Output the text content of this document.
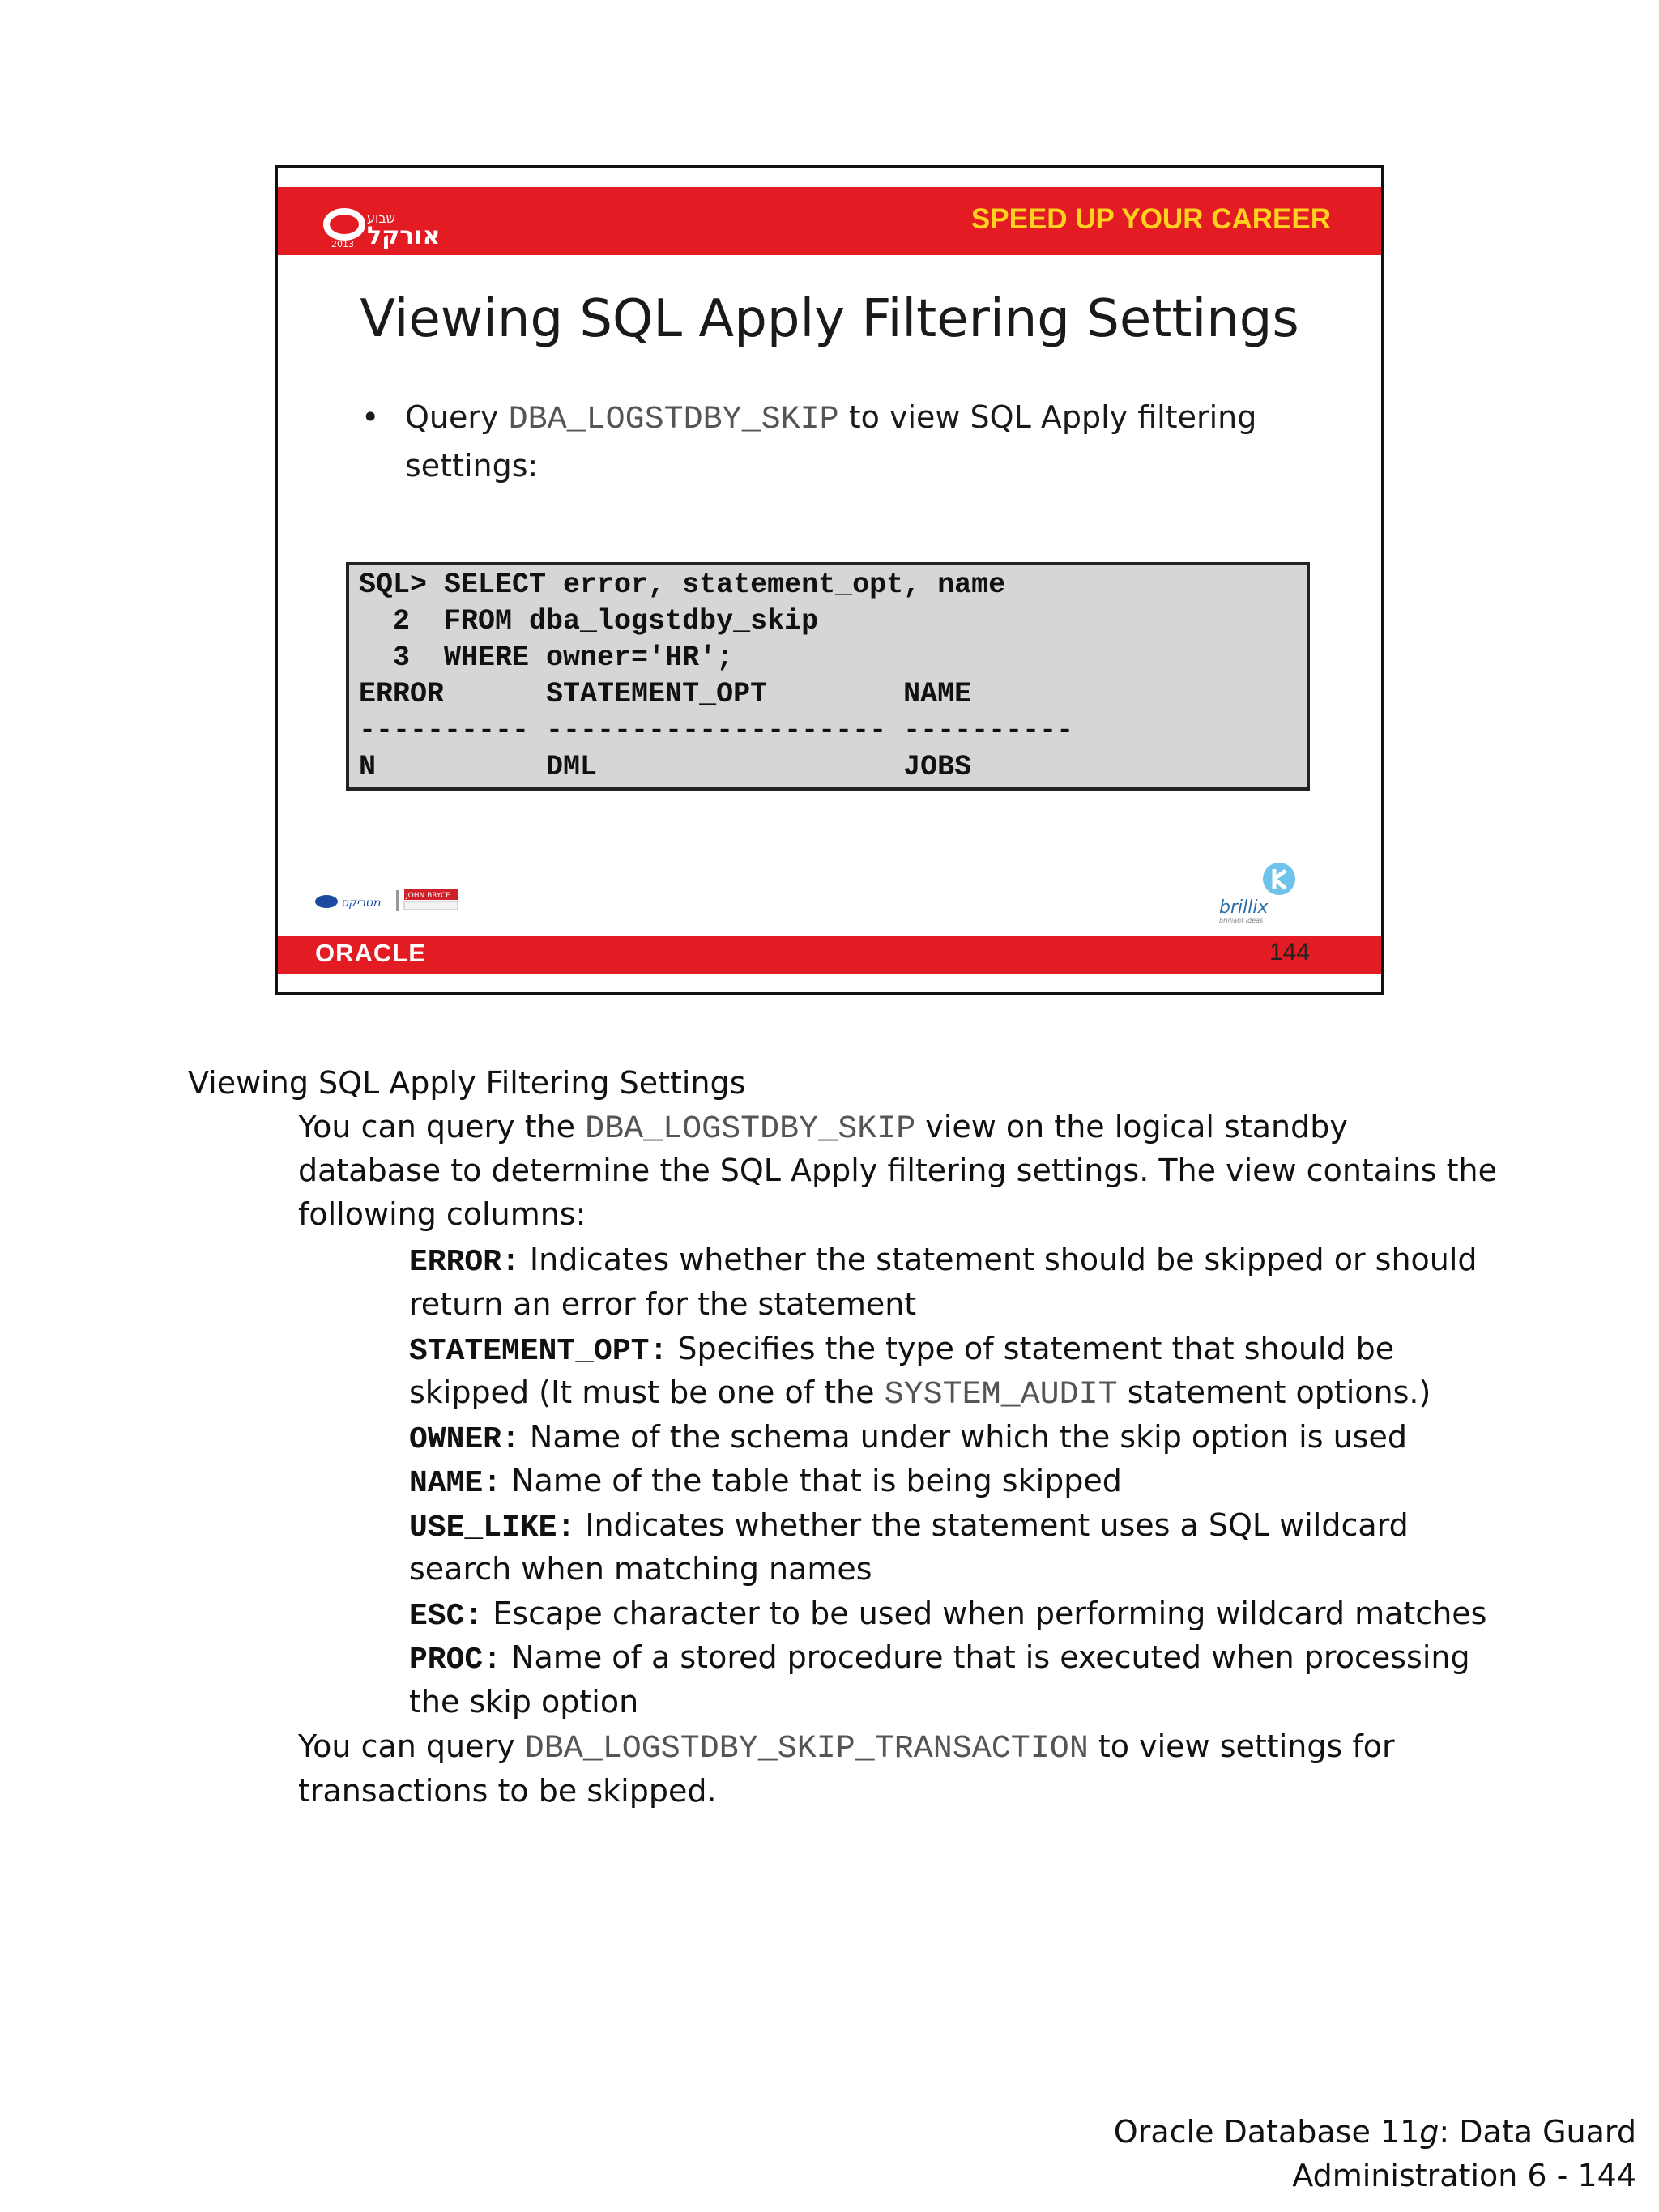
שבוע
אורקל
2013
SPEED UP YOUR CAREER
Viewing SQL Apply Filtering Settings
• Query DBA_LOGSTDBY_SKIP to view SQL Apply filtering
settings:
SQL> SELECT error, statement_opt, name
2  FROM dba_logstdby_skip
3  WHERE owner='HR';
ERROR      STATEMENT_OPT        NAME
---------- -------------------- ----------
N          DML                  JOBS
מטריקס
JOHN BRYCE
brillix
brilliant ideas
ORACLE	144
Viewing SQL Apply Filtering Settings
You can query the DBA_LOGSTDBY_SKIP view on the logical standby
database to determine the SQL Apply filtering settings. The view contains the
following columns:
ERROR: Indicates whether the statement should be skipped or should
return an error for the statement
STATEMENT_OPT: Specifies the type of statement that should be
skipped (It must be one of the SYSTEM_AUDIT statement options.)
OWNER: Name of the schema under which the skip option is used
NAME: Name of the table that is being skipped
USE_LIKE: Indicates whether the statement uses a SQL wildcard
search when matching names
ESC: Escape character to be used when performing wildcard matches
PROC: Name of a stored procedure that is executed when processing
the skip option
You can query DBA_LOGSTDBY_SKIP_TRANSACTION to view settings for
transactions to be skipped.
Oracle Database 11g: Data Guard
Administration 6 - 144
